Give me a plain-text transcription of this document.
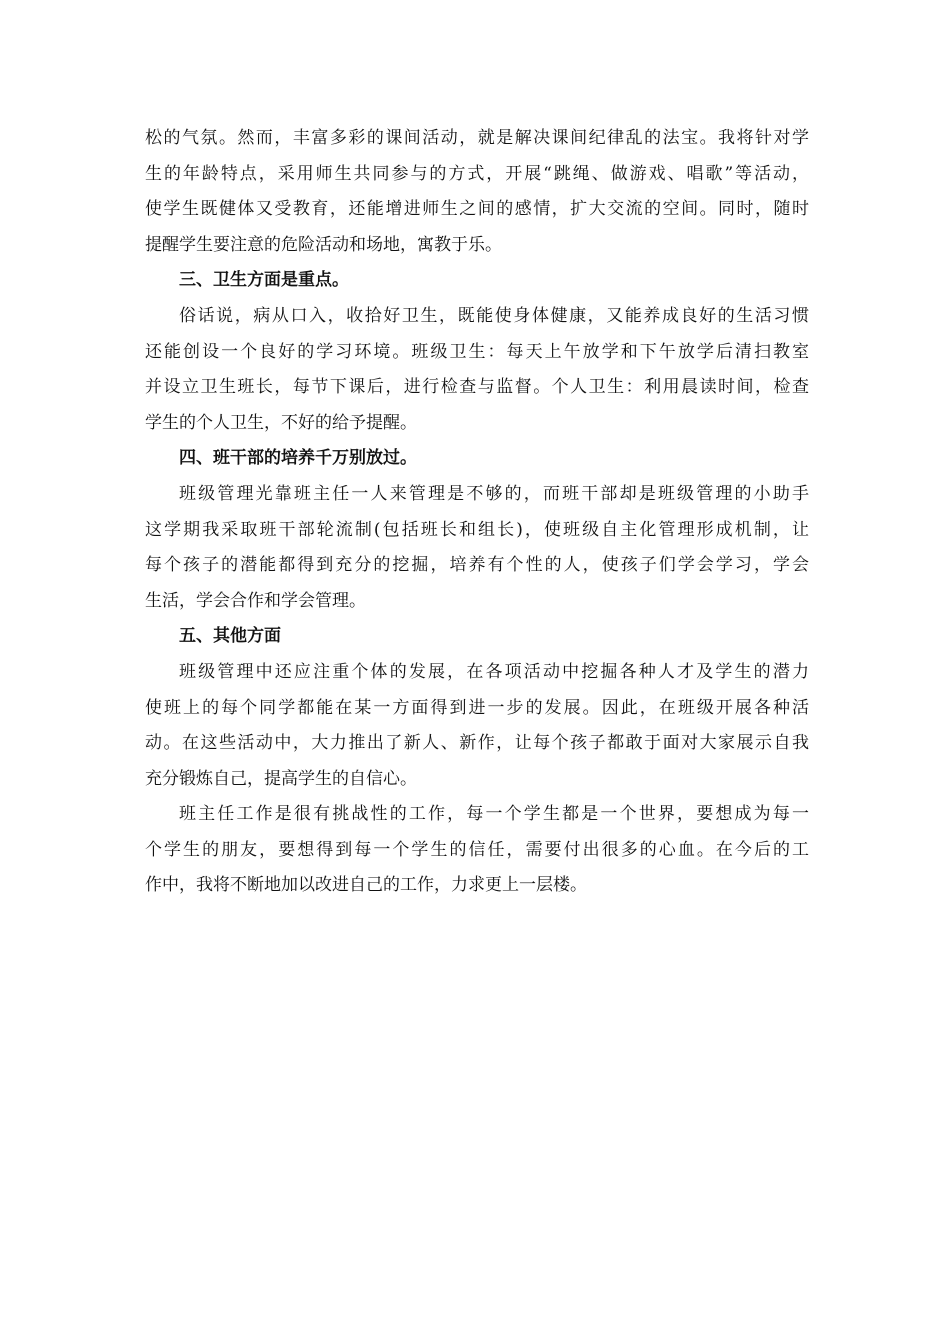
松的气氛。然而，丰富多彩的课间活动，就是解决课间纪律乱的法宝。我将针对学
生的年龄特点，采用师生共同参与的方式，开展“跳绳、做游戏、唱歌”等活动，
使学生既健体又受教育，还能增进师生之间的感情，扩大交流的空间。同时，随时
提醒学生要注意的危险活动和场地，寓教于乐。
三、卫生方面是重点。
俗话说，病从口入，收拾好卫生，既能使身体健康，又能养成良好的生活习惯
还能创设一个良好的学习环境。班级卫生：每天上午放学和下午放学后清扫教室
并设立卫生班长，每节下课后，进行检查与监督。个人卫生：利用晨读时间，检查
学生的个人卫生，不好的给予提醒。
四、班干部的培养千万别放过。
班级管理光靠班主任一人来管理是不够的，而班干部却是班级管理的小助手
这学期我采取班干部轮流制(包括班长和组长)，使班级自主化管理形成机制，让
每个孩子的潜能都得到充分的挖掘，培养有个性的人，使孩子们学会学习，学会
生活，学会合作和学会管理。
五、其他方面
班级管理中还应注重个体的发展，在各项活动中挖掘各种人才及学生的潜力
使班上的每个同学都能在某一方面得到进一步的发展。因此，在班级开展各种活
动。在这些活动中，大力推出了新人、新作，让每个孩子都敢于面对大家展示自我
充分锻炼自己，提高学生的自信心。
班主任工作是很有挑战性的工作，每一个学生都是一个世界，要想成为每一
个学生的朋友，要想得到每一个学生的信任，需要付出很多的心血。在今后的工
作中，我将不断地加以改进自己的工作，力求更上一层楼。
